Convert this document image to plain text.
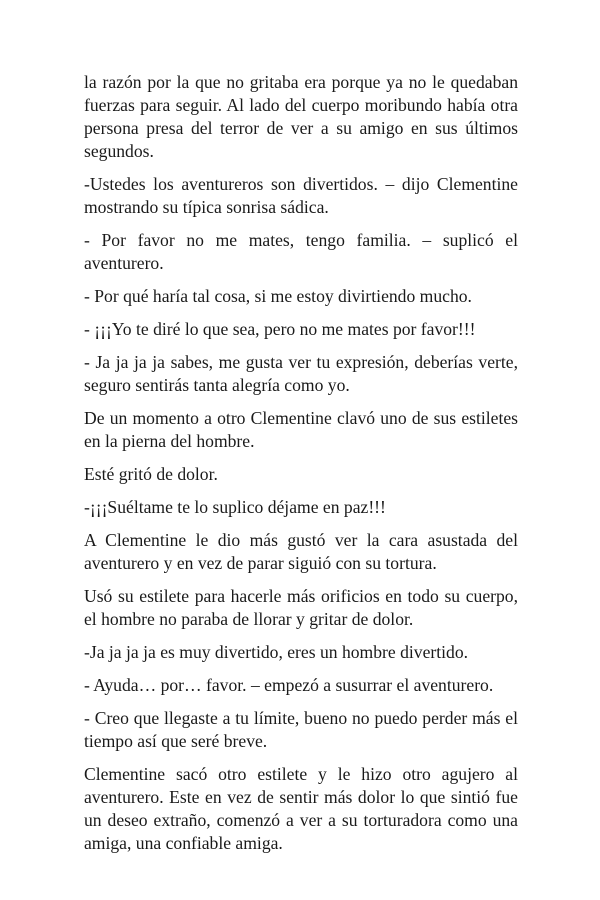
la razón por la que no gritaba era porque ya no le quedaban fuerzas para seguir. Al lado del cuerpo moribundo había otra persona presa del terror de ver a su amigo en sus últimos segundos.

-Ustedes los aventureros son divertidos. – dijo Clementine mostrando su típica sonrisa sádica.

- Por favor no me mates, tengo familia. – suplicó el aventurero.

- Por qué haría tal cosa, si me estoy divirtiendo mucho.

- ¡¡¡Yo te diré lo que sea, pero no me mates por favor!!!

- Ja ja ja ja sabes, me gusta ver tu expresión, deberías verte, seguro sentirás tanta alegría como yo.

De un momento a otro Clementine clavó uno de sus estiletes en la pierna del hombre.

Esté gritó de dolor.

-¡¡¡Suéltame te lo suplico déjame en paz!!!

A Clementine le dio más gustó ver la cara asustada del aventurero y en vez de parar siguió con su tortura.

Usó su estilete para hacerle más orificios en todo su cuerpo, el hombre no paraba de llorar y gritar de dolor.

-Ja ja ja ja es muy divertido, eres un hombre divertido.

- Ayuda… por… favor. – empezó a susurrar el aventurero.

- Creo que llegaste a tu límite, bueno no puedo perder más el tiempo así que seré breve.

Clementine sacó otro estilete y le hizo otro agujero al aventurero. Este en vez de sentir más dolor lo que sintió fue un deseo extraño, comenzó a ver a su torturadora como una amiga, una confiable amiga.
